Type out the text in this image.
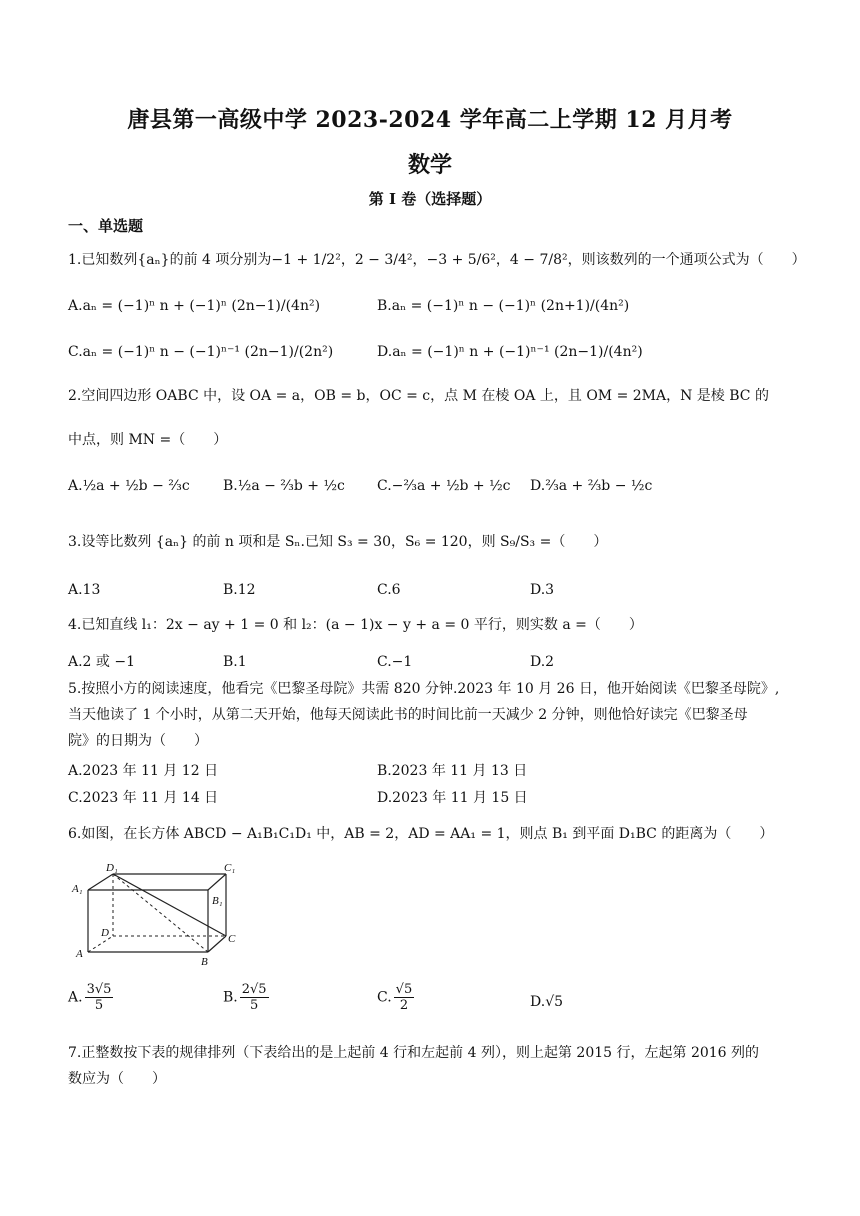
唐县第一高级中学 2023-2024 学年高二上学期 12 月月考
数学
第 I 卷（选择题）
一、单选题
1.已知数列{aₙ}的前 4 项分别为−1 + 1/2²，2 − 3/4²，−3 + 5/6²，4 − 7/8²，则该数列的一个通项公式为（　　）
A.aₙ = (−1)ⁿ n + (−1)ⁿ (2n−1)/(4n²)	B.aₙ = (−1)ⁿ n − (−1)ⁿ (2n+1)/(4n²)
C.aₙ = (−1)ⁿ n − (−1)ⁿ⁻¹ (2n−1)/(2n²)	D.aₙ = (−1)ⁿ n + (−1)ⁿ⁻¹ (2n−1)/(4n²)
2.空间四边形 OABC 中，设 OA = a，OB = b，OC = c，点 M 在棱 OA 上，且 OM = 2MA，N 是棱 BC 的
中点，则 MN =（　　）
A.½a + ½b − ⅔c B.½a − ⅔b + ½c C.−⅔a + ½b + ½c D.⅔a + ⅔b − ½c
3.设等比数列 {aₙ} 的前 n 项和是 Sₙ.已知 S₃ = 30，S₆ = 120，则 S₉/S₃ =（　　）
A.13	B.12	C.6	D.3
4.已知直线 l₁：2x − ay + 1 = 0 和 l₂：(a − 1)x − y + a = 0 平行，则实数 a =（　　）
A.2 或 −1	B.1	C.−1	D.2
5.按照小方的阅读速度，他看完《巴黎圣母院》共需 820 分钟.2023 年 10 月 26 日，他开始阅读《巴黎圣母院》,
当天他读了 1 个小时，从第二天开始，他每天阅读此书的时间比前一天减少 2 分钟，则他恰好读完《巴黎圣母
院》的日期为（　　）
A.2023 年 11 月 12 日	B.2023 年 11 月 13 日
C.2023 年 11 月 14 日	D.2023 年 11 月 15 日
6.如图，在长方体 ABCD − A₁B₁C₁D₁ 中，AB = 2，AD = AA₁ = 1，则点 B₁ 到平面 D₁BC 的距离为（　　）
D₁	C₁
A₁
B₁
D	C
A
B
A. $\frac{3√5}{5}$	B. $\frac{2√5}{5}$	C. $\frac{√5}{2}$	D.√5
7.正整数按下表的规律排列（下表给出的是上起前 4 行和左起前 4 列），则上起第 2015 行，左起第 2016 列的
数应为（　　）
